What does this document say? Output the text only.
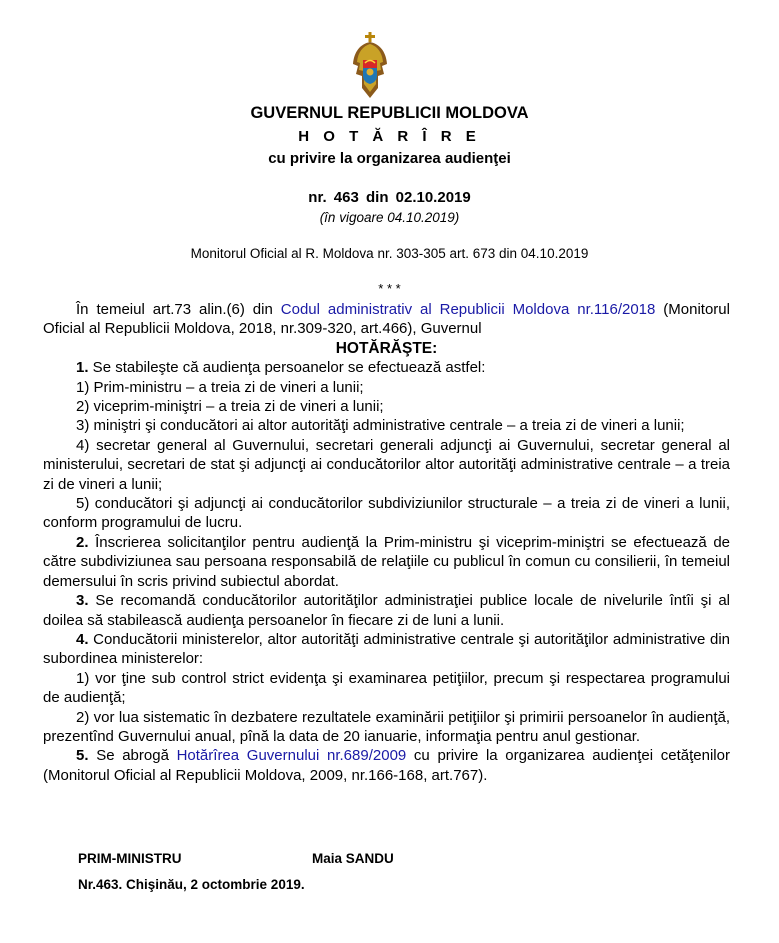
GUVERNUL REPUBLICII MOLDOVA
H O T Ă R Î R E
cu privire la organizarea audienţei
nr. 463 din 02.10.2019
(în vigoare 04.10.2019)
Monitorul Oficial al R. Moldova nr. 303-305 art. 673 din 04.10.2019
* * *

În temeiul art.73 alin.(6) din Codul administrativ al Republicii Moldova nr.116/2018 (Monitorul Oficial al Republicii Moldova, 2018, nr.309-320, art.466), Guvernul

HOTĂRĂŞTE:

1. Se stabileşte că audienţa persoanelor se efectuează astfel:

1) Prim-ministru – a treia zi de vineri a lunii;

2) viceprim-miniştri – a treia zi de vineri a lunii;

3) miniştri şi conducători ai altor autorităţi administrative centrale – a treia zi de vineri a lunii;

4) secretar general al Guvernului, secretari generali adjuncţi ai Guvernului, secretar general al ministerului, secretari de stat şi adjuncţi ai conducătorilor altor autorităţi administrative centrale – a treia zi de vineri a lunii;

5) conducători şi adjuncţi ai conducătorilor subdiviziunilor structurale – a treia zi de vineri a lunii, conform programului de lucru.

2. Înscrierea solicitanţilor pentru audienţă la Prim-ministru şi viceprim-miniştri se efectuează de către subdiviziunea sau persoana responsabilă de relaţiile cu publicul în comun cu consilierii, în temeiul demersului în scris privind subiectul abordat.

3. Se recomandă conducătorilor autorităţilor administraţiei publice locale de nivelurile întîi şi al doilea să stabilească audienţa persoanelor în fiecare zi de luni a lunii.

4. Conducătorii ministerelor, altor autorităţi administrative centrale şi autorităţilor administrative din subordinea ministerelor:

1) vor ţine sub control strict evidenţa şi examinarea petiţiilor, precum şi respectarea programului de audienţă;

2) vor lua sistematic în dezbatere rezultatele examinării petiţiilor şi primirii persoanelor în audienţă, prezentînd Guvernului anual, pînă la data de 20 ianuarie, informaţia pentru anul gestionar.

5. Se abrogă Hotărîrea Guvernului nr.689/2009 cu privire la organizarea audienţei cetăţenilor (Monitorul Oficial al Republicii Moldova, 2009, nr.166-168, art.767).

PRIM-MINISTRU	Maia SANDU
Nr.463. Chişinău, 2 octombrie 2019.
